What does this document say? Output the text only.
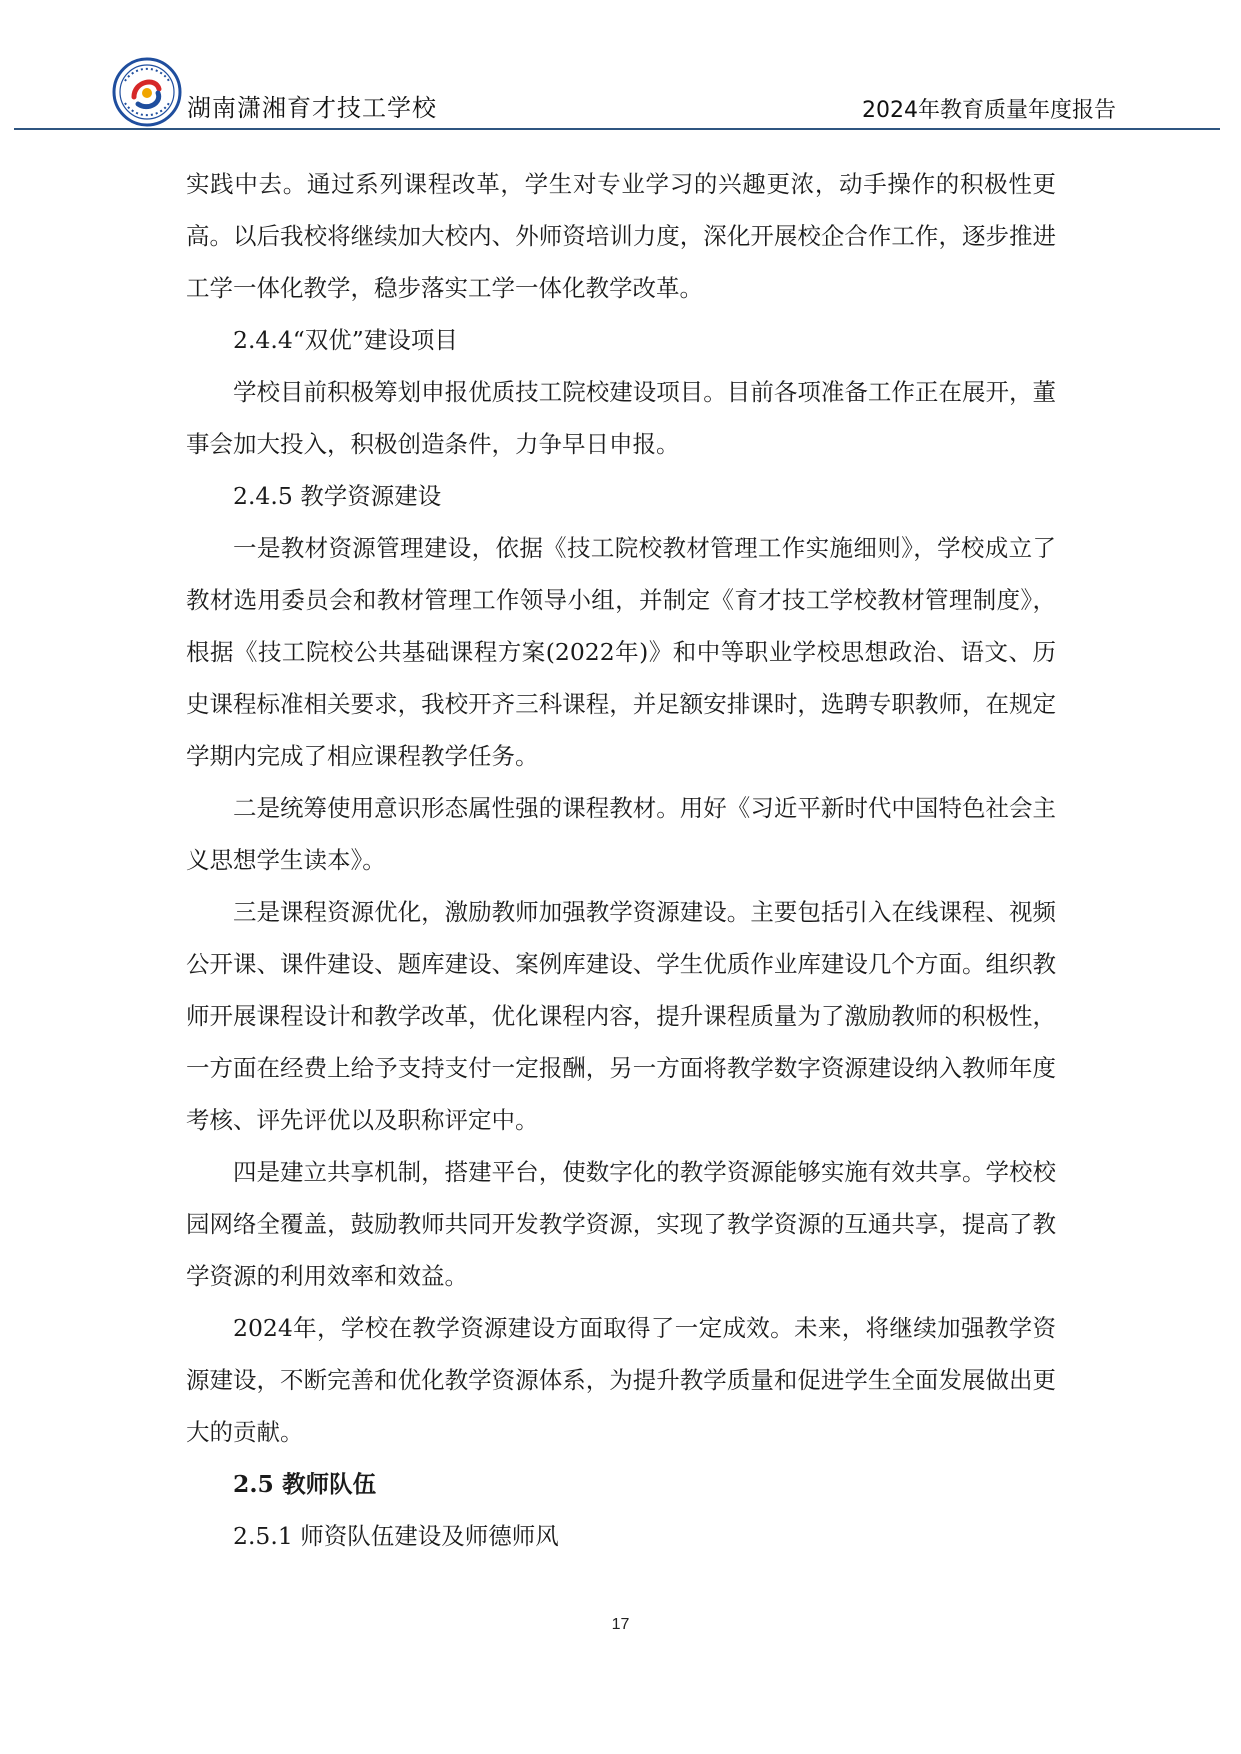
湖南潇湘育才技工学校	2024年教育质量年度报告

实践中去。通过系列课程改革，学生对专业学习的兴趣更浓，动手操作的积极性更高。以后我校将继续加大校内、外师资培训力度，深化开展校企合作工作，逐步推进工学一体化教学，稳步落实工学一体化教学改革。

2.4.4“双优”建设项目

学校目前积极筹划申报优质技工院校建设项目。目前各项准备工作正在展开，董事会加大投入，积极创造条件，力争早日申报。

2.4.5 教学资源建设

一是教材资源管理建设，依据《技工院校教材管理工作实施细则》，学校成立了教材选用委员会和教材管理工作领导小组，并制定《育才技工学校教材管理制度》，根据《技工院校公共基础课程方案(2022年)》和中等职业学校思想政治、语文、历史课程标准相关要求，我校开齐三科课程，并足额安排课时，选聘专职教师，在规定学期内完成了相应课程教学任务。

二是统筹使用意识形态属性强的课程教材。用好《习近平新时代中国特色社会主义思想学生读本》。

三是课程资源优化，激励教师加强教学资源建设。主要包括引入在线课程、视频公开课、课件建设、题库建设、案例库建设、学生优质作业库建设几个方面。组织教师开展课程设计和教学改革，优化课程内容，提升课程质量为了激励教师的积极性，一方面在经费上给予支持支付一定报酬，另一方面将教学数字资源建设纳入教师年度考核、评先评优以及职称评定中。

四是建立共享机制，搭建平台，使数字化的教学资源能够实施有效共享。学校校园网络全覆盖，鼓励教师共同开发教学资源，实现了教学资源的互通共享，提高了教学资源的利用效率和效益。

2024年，学校在教学资源建设方面取得了一定成效。未来，将继续加强教学资源建设，不断完善和优化教学资源体系，为提升教学质量和促进学生全面发展做出更大的贡献。

2.5 教师队伍

2.5.1 师资队伍建设及师德师风

17
